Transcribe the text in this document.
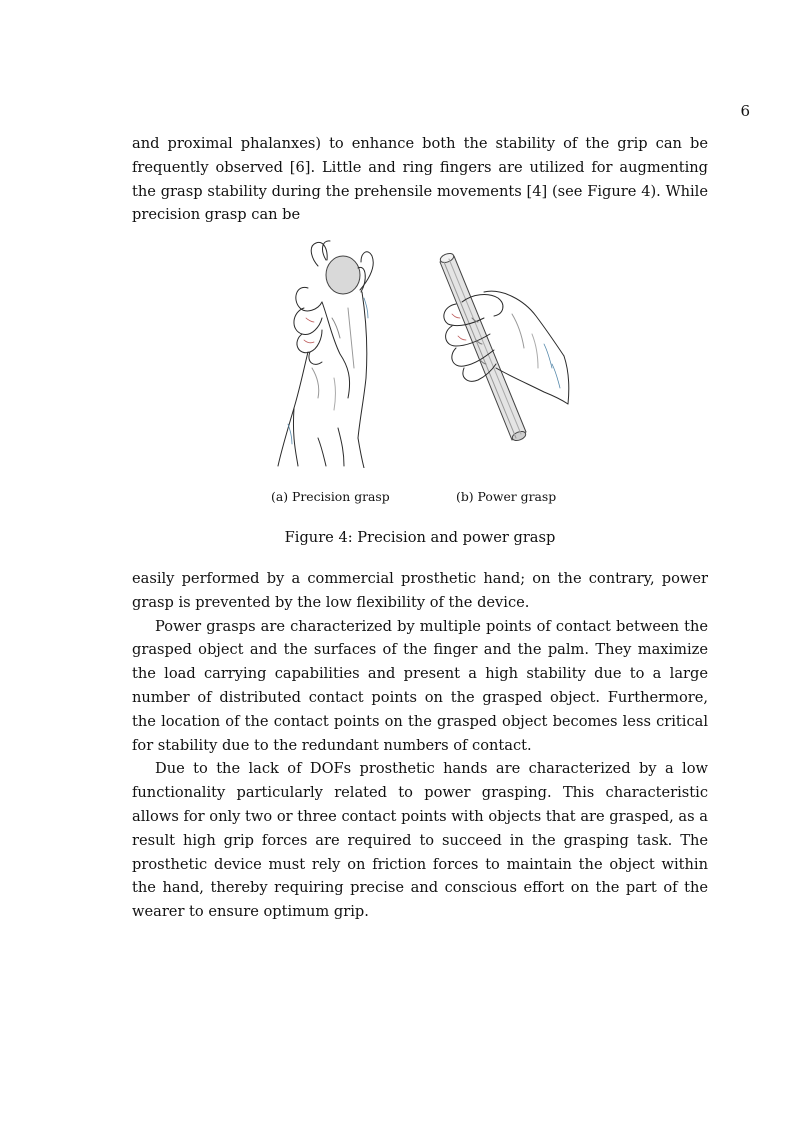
6

and proximal phalanxes) to enhance both the stability of the grip can be frequently observed [6]. Little and ring fingers are utilized for augmenting the grasp stability during the prehensile movements [4] (see Figure 4). While precision grasp can be

(a) Precision grasp	(b) Power grasp
Figure 4: Precision and power grasp

easily performed by a commercial prosthetic hand; on the contrary, power grasp is prevented by the low flexibility of the device.

Power grasps are characterized by multiple points of contact between the grasped object and the surfaces of the finger and the palm. They maximize the load carrying capabilities and present a high stability due to a large number of distributed contact points on the grasped object. Furthermore, the location of the contact points on the grasped object becomes less critical for stability due to the redundant numbers of contact.

Due to the lack of DOFs prosthetic hands are characterized by a low functionality particularly related to power grasping. This characteristic allows for only two or three contact points with objects that are grasped, as a result high grip forces are required to succeed in the grasping task. The prosthetic device must rely on friction forces to maintain the object within the hand, thereby requiring precise and conscious effort on the part of the wearer to ensure optimum grip.
